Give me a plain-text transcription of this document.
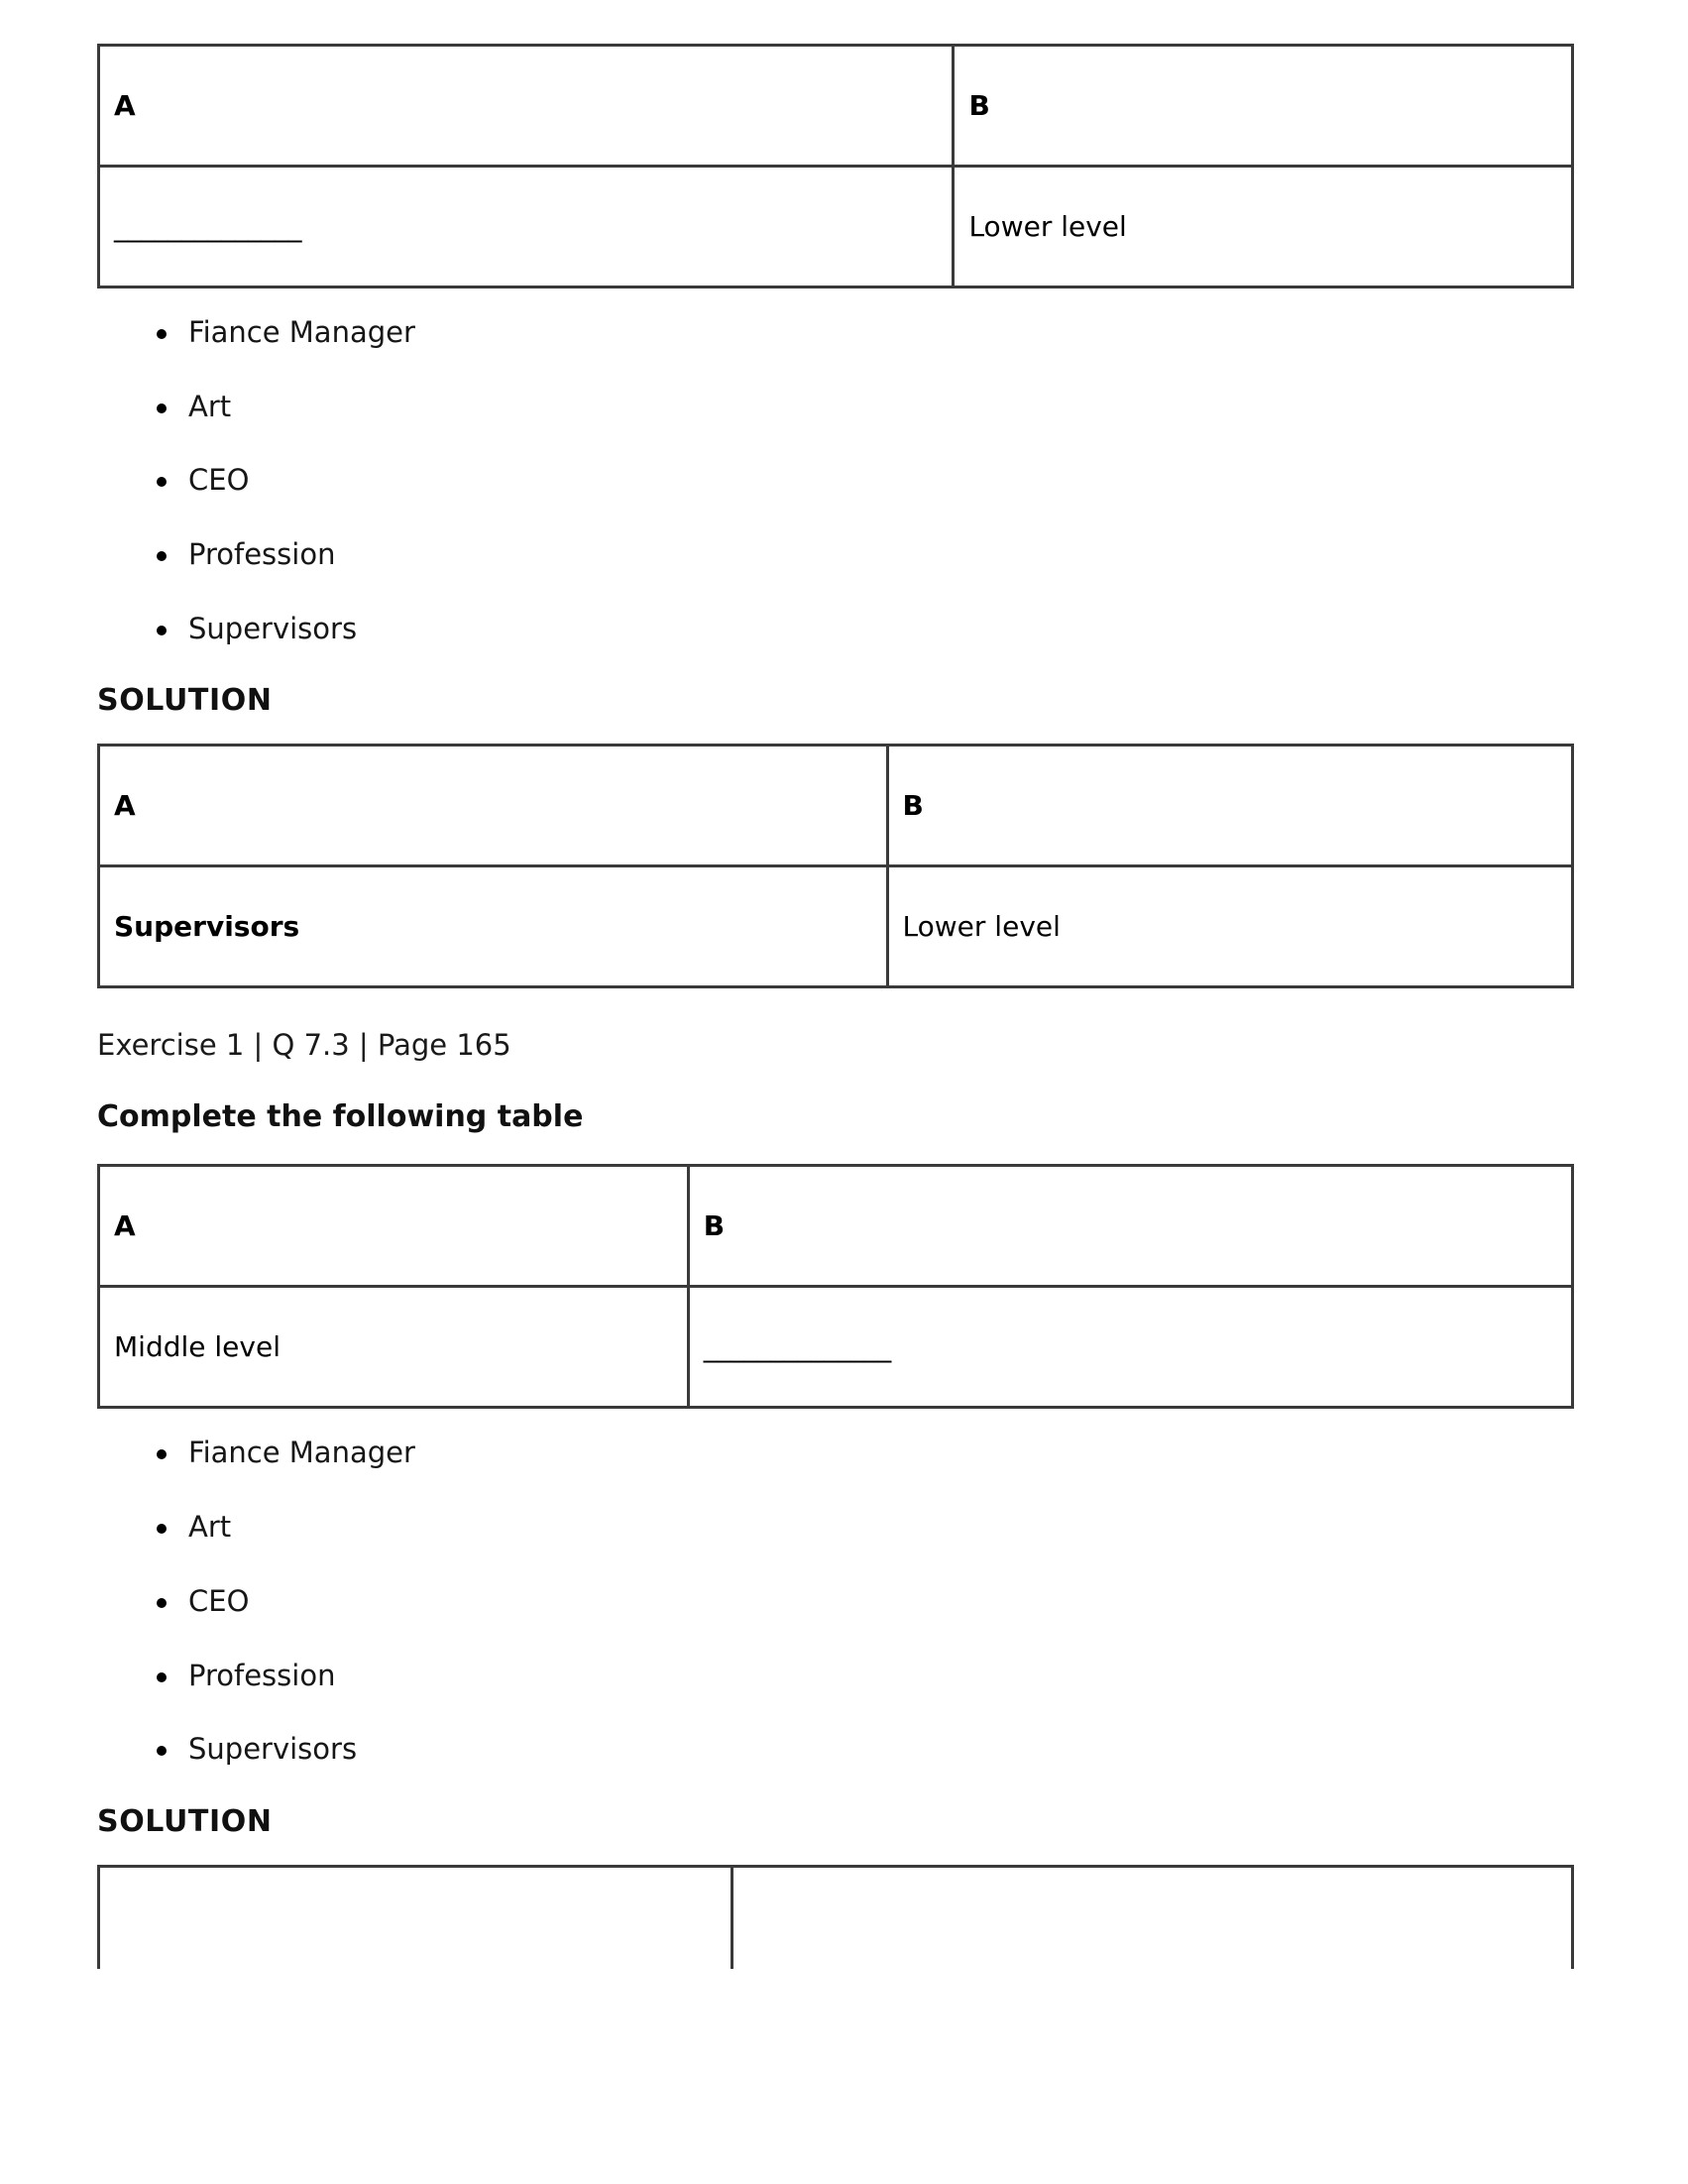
A	B
______________	Lower level
Fiance Manager
Art
CEO
Profession
Supervisors
SOLUTION
A	B
Supervisors	Lower level

Exercise 1 | Q 7.3 | Page 165

Complete the following table
A	B
Middle level	______________
Fiance Manager
Art
CEO
Profession
Supervisors
SOLUTION
